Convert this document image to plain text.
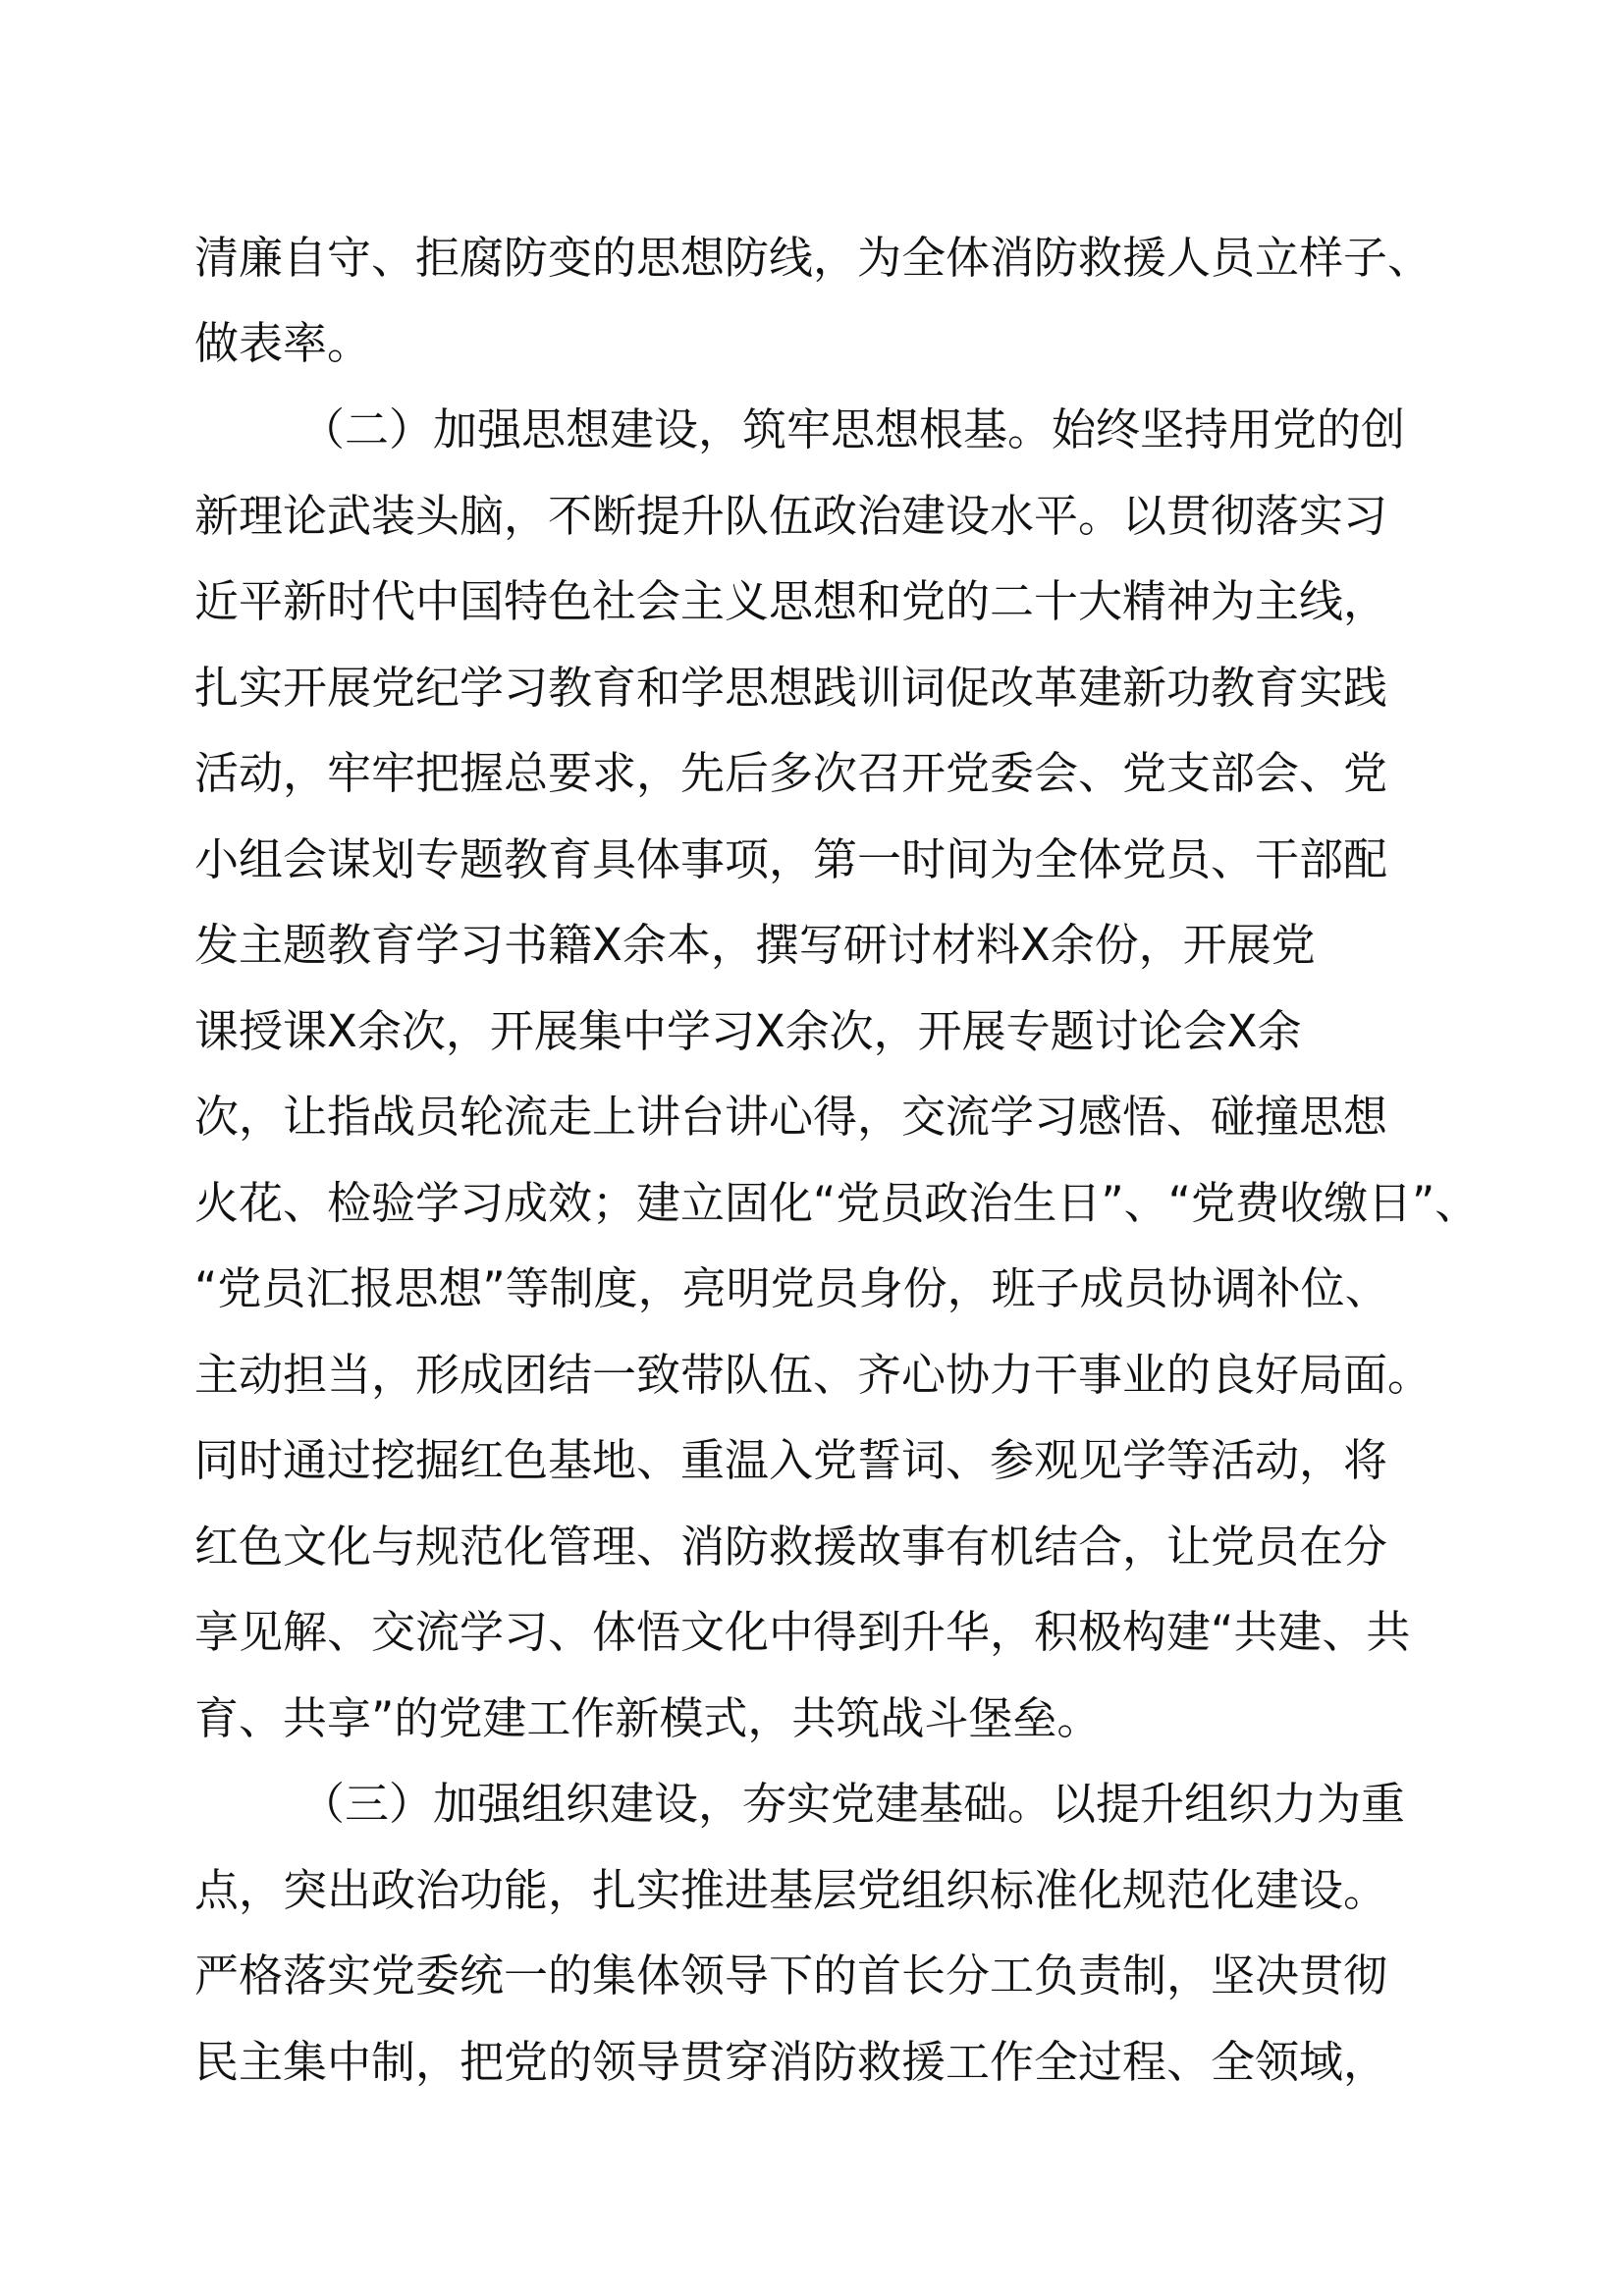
清廉自守、拒腐防变的思想防线，为全体消防救援人员立样子、
做表率。
（二）加强思想建设，筑牢思想根基。始终坚持用党的创
新理论武装头脑，不断提升队伍政治建设水平。以贯彻落实习
近平新时代中国特色社会主义思想和党的二十大精神为主线，
扎实开展党纪学习教育和学思想践训词促改革建新功教育实践
活动，牢牢把握总要求，先后多次召开党委会、党支部会、党
小组会谋划专题教育具体事项，第一时间为全体党员、干部配
发主题教育学习书籍X余本，撰写研讨材料X余份，开展党
课授课X余次，开展集中学习X余次，开展专题讨论会X余
次，让指战员轮流走上讲台讲心得，交流学习感悟、碰撞思想
火花、检验学习成效；建立固化“党员政治生日”、“党费收缴日”、
“党员汇报思想”等制度，亮明党员身份，班子成员协调补位、
主动担当，形成团结一致带队伍、齐心协力干事业的良好局面。
同时通过挖掘红色基地、重温入党誓词、参观见学等活动，将
红色文化与规范化管理、消防救援故事有机结合，让党员在分
享见解、交流学习、体悟文化中得到升华，积极构建“共建、共
育、共享”的党建工作新模式，共筑战斗堡垒。
（三）加强组织建设，夯实党建基础。以提升组织力为重
点，突出政治功能，扎实推进基层党组织标准化规范化建设。
严格落实党委统一的集体领导下的首长分工负责制，坚决贯彻
民主集中制，把党的领导贯穿消防救援工作全过程、全领域，
